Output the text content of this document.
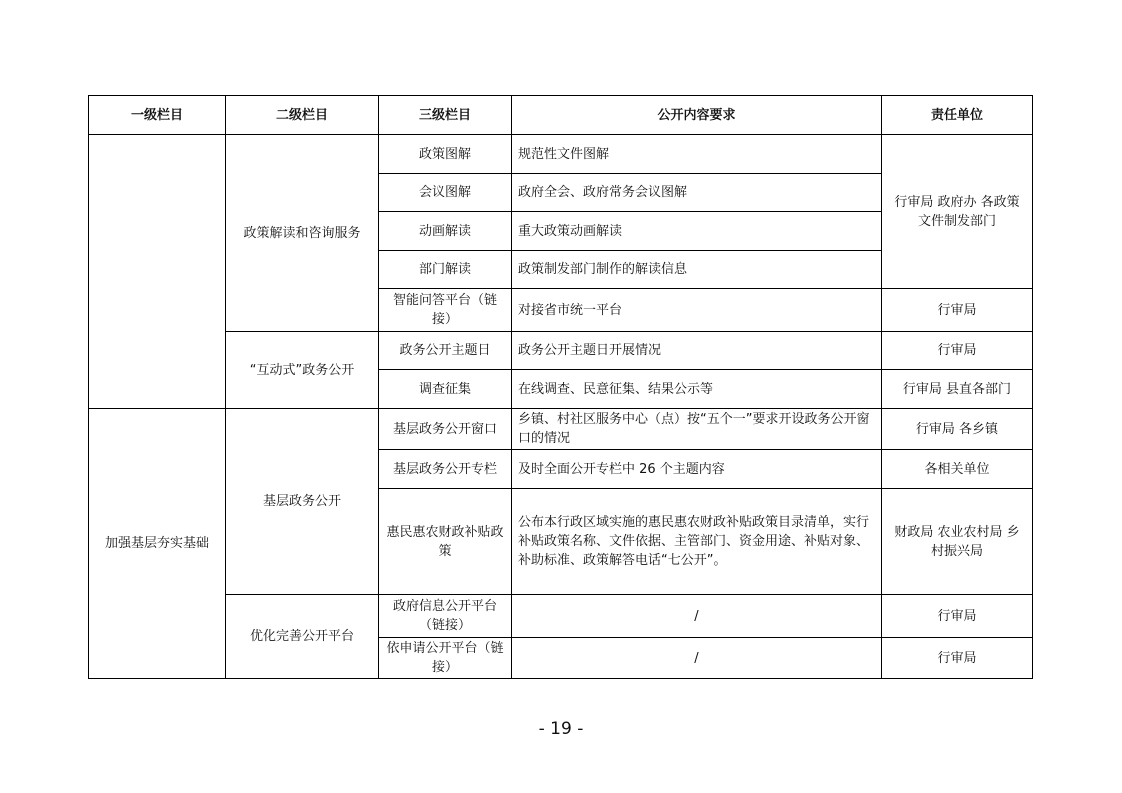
一级栏目	二级栏目	三级栏目	公开内容要求	责任单位
	政策解读和咨询服务	政策图解	规范性文件图解	行审局 政府办 各政策文件制发部门
		会议图解	政府全会、政府常务会议图解	
		动画解读	重大政策动画解读	
		部门解读	政策制发部门制作的解读信息	
		智能问答平台（链接）	对接省市统一平台	行审局
	“互动式”政务公开	政务公开主题日	政务公开主题日开展情况	行审局
		调查征集	在线调查、民意征集、结果公示等	行审局 县直各部门
加强基层夯实基础	基层政务公开	基层政务公开窗口	乡镇、村社区服务中心（点）按“五个一”要求开设政务公开窗口的情况	行审局 各乡镇
		基层政务公开专栏	及时全面公开专栏中 26 个主题内容	各相关单位
		惠民惠农财政补贴政策	公布本行政区域实施的惠民惠农财政补贴政策目录清单，实行补贴政策名称、文件依据、主管部门、资金用途、补贴对象、补助标准、政策解答电话“七公开”。	财政局 农业农村局 乡村振兴局
	优化完善公开平台	政府信息公开平台（链接）	/	行审局
		依申请公开平台（链接）	/	行审局
- 19 -
